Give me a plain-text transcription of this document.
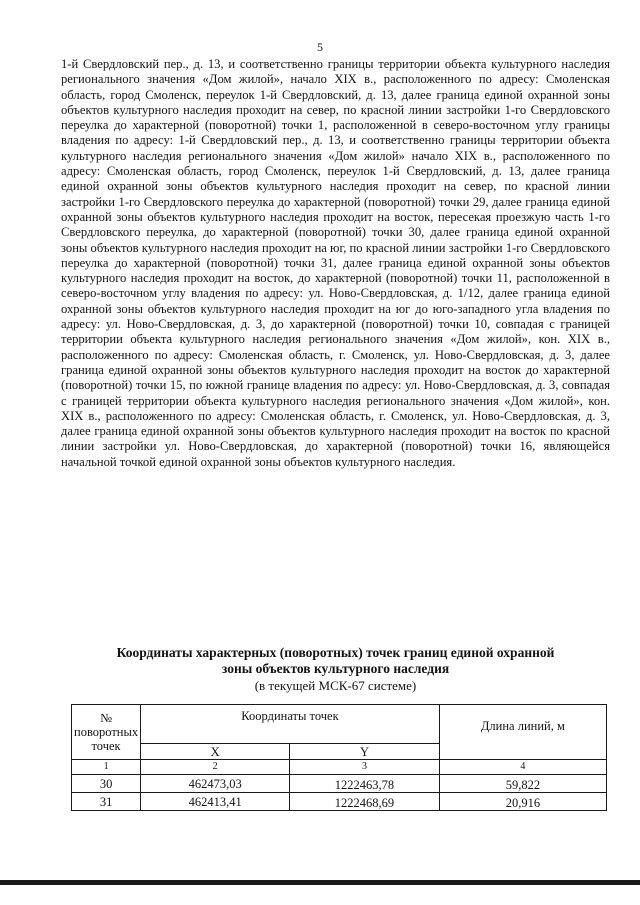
5

1-й Свердловский пер., д. 13, и соответственно границы территории объекта культурного наследия регионального значения «Дом жилой», начало XIX в., расположенного по адресу: Смоленская область, город Смоленск, переулок 1-й Свердловский, д. 13, далее граница единой охранной зоны объектов культурного наследия проходит на север, по красной линии застройки 1-го Свердловского переулка до характерной (поворотной) точки 1, расположенной в северо-восточном углу границы владения по адресу: 1-й Свердловский пер., д. 13, и соответственно границы территории объекта культурного наследия регионального значения «Дом жилой» начало XIX в., расположенного по адресу: Смоленская область, город Смоленск, переулок 1-й Свердловский, д. 13, далее граница единой охранной зоны объектов культурного наследия проходит на север, по красной линии застройки 1-го Свердловского переулка до характерной (поворотной) точки 29, далее граница единой охранной зоны объектов культурного наследия проходит на восток, пересекая проезжую часть 1-го Свердловского переулка, до характерной (поворотной) точки 30, далее граница единой охранной зоны объектов культурного наследия проходит на юг, по красной линии застройки 1-го Свердловского переулка до характерной (поворотной) точки 31, далее граница единой охранной зоны объектов культурного наследия проходит на восток, до характерной (поворотной) точки 11, расположенной в северо-восточном углу владения по адресу: ул. Ново-Свердловская, д. 1/12, далее граница единой охранной зоны объектов культурного наследия проходит на юг до юго-западного угла владения по адресу: ул. Ново-Свердловская, д. 3, до характерной (поворотной) точки 10, совпадая с границей территории объекта культурного наследия регионального значения «Дом жилой», кон. XIX в., расположенного по адресу: Смоленская область, г. Смоленск, ул. Ново-Свердловская, д. 3, далее граница единой охранной зоны объектов культурного наследия проходит на восток до характерной (поворотной) точки 15, по южной границе владения по адресу: ул. Ново-Свердловская, д. 3, совпадая с границей территории объекта культурного наследия регионального значения «Дом жилой», кон. XIX в., расположенного по адресу: Смоленская область, г. Смоленск, ул. Ново-Свердловская, д. 3, далее граница единой охранной зоны объектов культурного наследия проходит на восток по красной линии застройки ул. Ново-Свердловская, до характерной (поворотной) точки 16, являющейся начальной точкой единой охранной зоны объектов культурного наследия.

Координаты характерных (поворотных) точек границ единой охранной
зоны объектов культурного наследия
(в текущей МСК-67 системе)
№ поворотных точек	Координаты точек		Длина линий, м
	X	Y	
1	2	3	4
30	462473,03	1222463,78	59,822
31	462413,41	1222468,69	20,916
